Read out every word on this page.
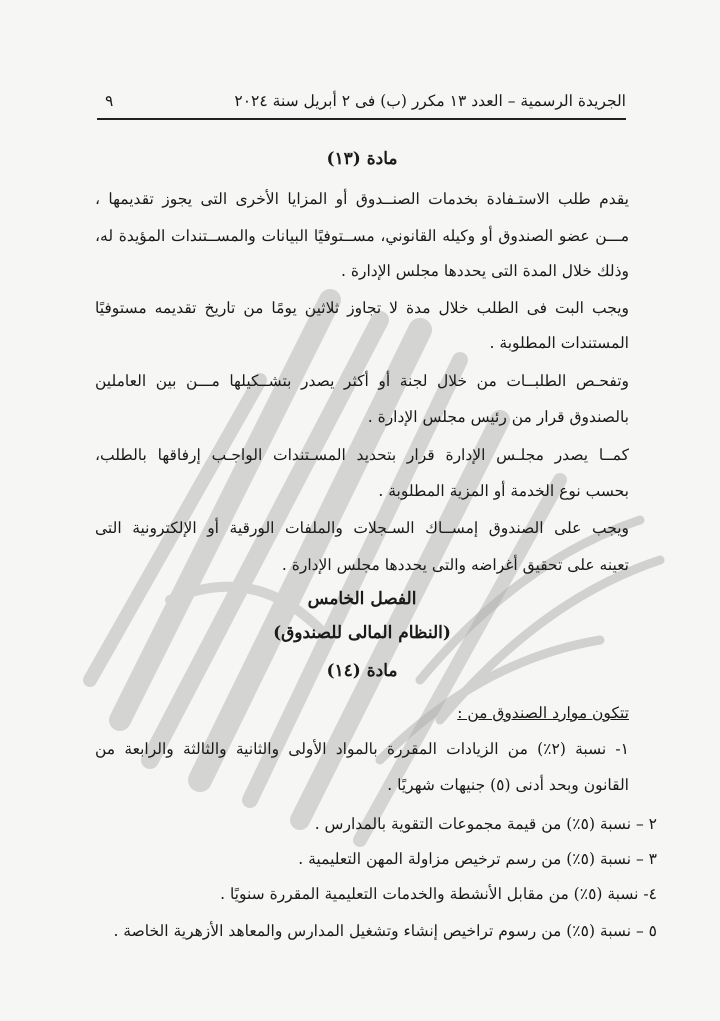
الجريدة الرسمية – العدد ١٣ مكرر (ب) فى ٢ أبريل سنة ٢٠٢٤
٩
مادة (١٣)
يقدم طلب الاستـفادة بخدمات الصنــدوق أو المزايا الأخرى التى يجوز تقديمها ،
مـــن عضو الصندوق أو وكيله القانوني، مســتوفيًا البيانات والمســتندات المؤيدة له،
وذلك خلال المدة التى يحددها مجلس الإدارة .
ويجب البت فى الطلب خلال مدة لا تجاوز ثلاثين يومًا من تاريخ تقديمه مستوفيًا
المستندات المطلوبة .
وتفحـص الطلبــات من خلال لجنة أو أكثر يصدر بتشــكيلها مـــن بين العاملين
بالصندوق قرار من رئيس مجلس الإدارة .
كمــا يصدر مجلـس الإدارة قرار بتحديد المسـتندات الواجـب إرفاقها بالطلب،
بحسب نوع الخدمة أو المزية المطلوبة .
ويجب على الصندوق إمســاك السـجلات والملفات الورقية أو الإلكترونية التى
تعينه على تحقيق أغراضه والتى يحددها مجلس الإدارة .
الفصل الخامس
(النظام المالى للصندوق)
مادة (١٤)
تتكون موارد الصندوق من :
١- نسبة (٢٪) من الزيادات المقررة بالمواد الأولى والثانية والثالثة والرابعة من
القانون وبحد أدنى (٥) جنيهات شهريًا .
٢ – نسبة (٥٪) من قيمة مجموعات التقوية بالمدارس .
٣ – نسبة (٥٪) من رسم ترخيص مزاولة المهن التعليمية .
٤- نسبة (٥٪) من مقابل الأنشطة والخدمات التعليمية المقررة سنويًا .
٥ – نسبة (٥٪) من رسوم تراخيص إنشاء وتشغيل المدارس والمعاهد الأزهرية الخاصة .
